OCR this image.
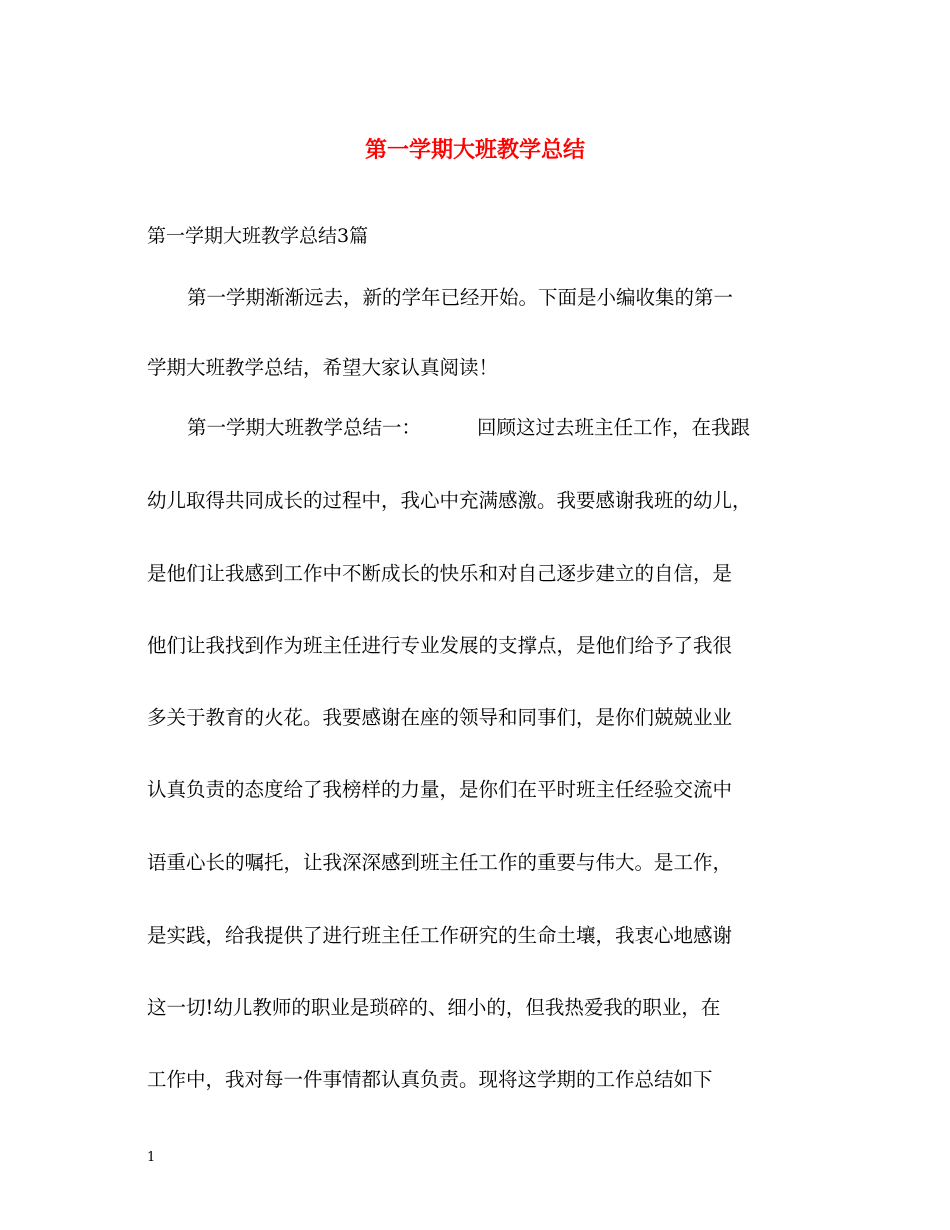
第一学期大班教学总结
第一学期大班教学总结3篇
第一学期渐渐远去，新的学年已经开始。下面是小编收集的第一
学期大班教学总结，希望大家认真阅读！
第一学期大班教学总结一：	回顾这过去班主任工作，在我跟
幼儿取得共同成长的过程中，我心中充满感激。我要感谢我班的幼儿，
是他们让我感到工作中不断成长的快乐和对自己逐步建立的自信，是
他们让我找到作为班主任进行专业发展的支撑点，是他们给予了我很
多关于教育的火花。我要感谢在座的领导和同事们，是你们兢兢业业
认真负责的态度给了我榜样的力量，是你们在平时班主任经验交流中
语重心长的嘱托，让我深深感到班主任工作的重要与伟大。是工作，
是实践，给我提供了进行班主任工作研究的生命土壤，我衷心地感谢
这一切!幼儿教师的职业是琐碎的、细小的，但我热爱我的职业，在
工作中，我对每一件事情都认真负责。现将这学期的工作总结如下
1
